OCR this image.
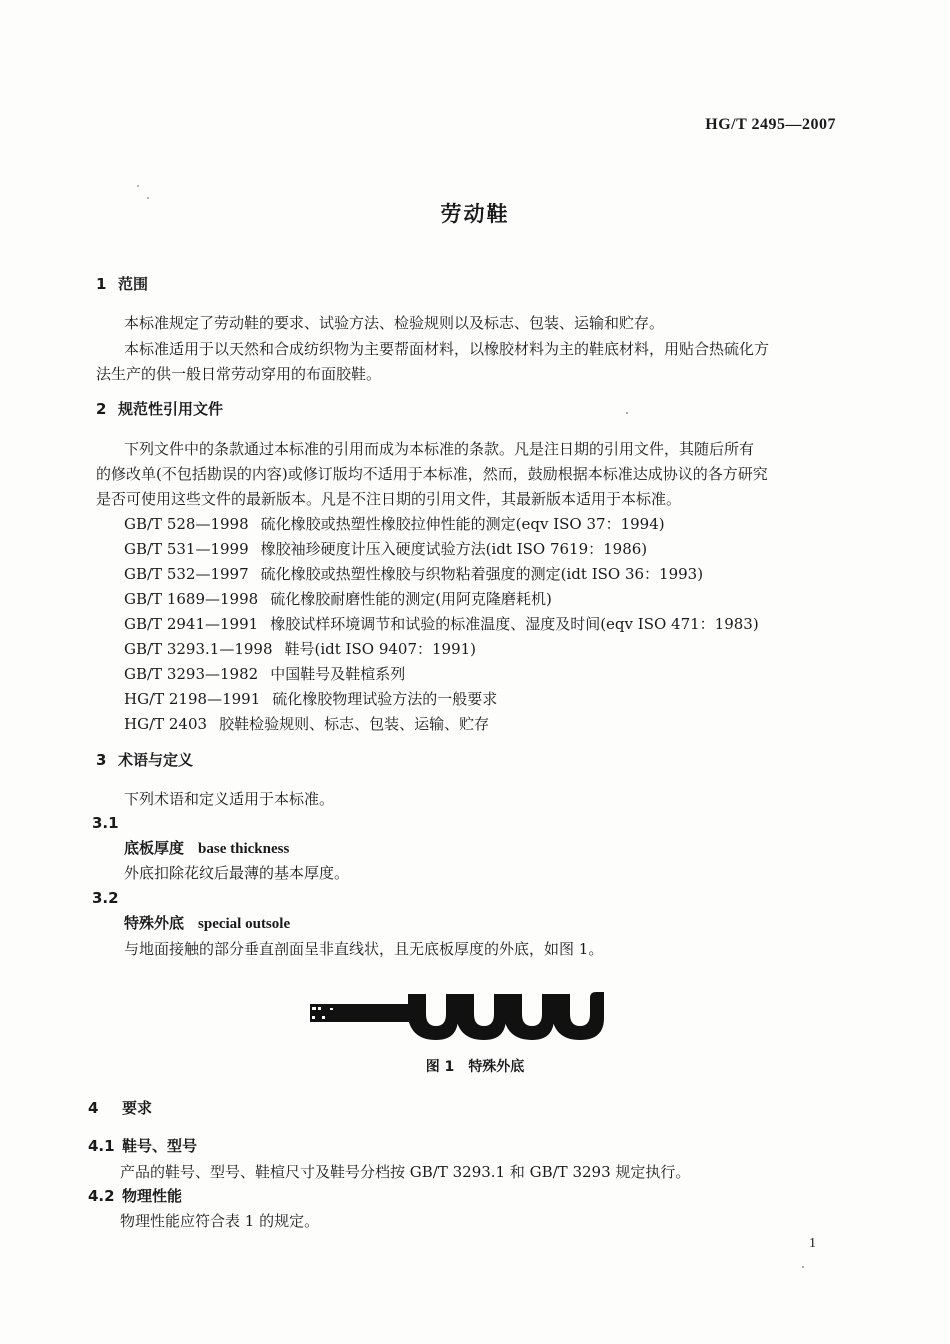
HG/T 2495—2007
劳动鞋
1 范围
本标准规定了劳动鞋的要求、试验方法、检验规则以及标志、包装、运输和贮存。
本标准适用于以天然和合成纺织物为主要帮面材料，以橡胶材料为主的鞋底材料，用贴合热硫化方
法生产的供一般日常劳动穿用的布面胶鞋。
2 规范性引用文件
下列文件中的条款通过本标准的引用而成为本标准的条款。凡是注日期的引用文件，其随后所有
的修改单(不包括勘误的内容)或修订版均不适用于本标准，然而，鼓励根据本标准达成协议的各方研究
是否可使用这些文件的最新版本。凡是不注日期的引用文件，其最新版本适用于本标准。
GB/T 528—1998 硫化橡胶或热塑性橡胶拉伸性能的测定(eqv ISO 37：1994)
GB/T 531—1999 橡胶袖珍硬度计压入硬度试验方法(idt ISO 7619：1986)
GB/T 532—1997 硫化橡胶或热塑性橡胶与织物粘着强度的测定(idt ISO 36：1993)
GB/T 1689—1998 硫化橡胶耐磨性能的测定(用阿克隆磨耗机)
GB/T 2941—1991 橡胶试样环境调节和试验的标准温度、湿度及时间(eqv ISO 471：1983)
GB/T 3293.1—1998 鞋号(idt ISO 9407：1991)
GB/T 3293—1982 中国鞋号及鞋楦系列
HG/T 2198—1991 硫化橡胶物理试验方法的一般要求
HG/T 2403 胶鞋检验规则、标志、包装、运输、贮存
3 术语与定义
下列术语和定义适用于本标准。
3.1
底板厚度 base thickness
外底扣除花纹后最薄的基本厚度。
3.2
特殊外底 special outsole
与地面接触的部分垂直剖面呈非直线状，且无底板厚度的外底，如图 1。
图 1 特殊外底
4 要求
4.1 鞋号、型号
产品的鞋号、型号、鞋楦尺寸及鞋号分档按 GB/T 3293.1 和 GB/T 3293 规定执行。
4.2 物理性能
物理性能应符合表 1 的规定。
1
